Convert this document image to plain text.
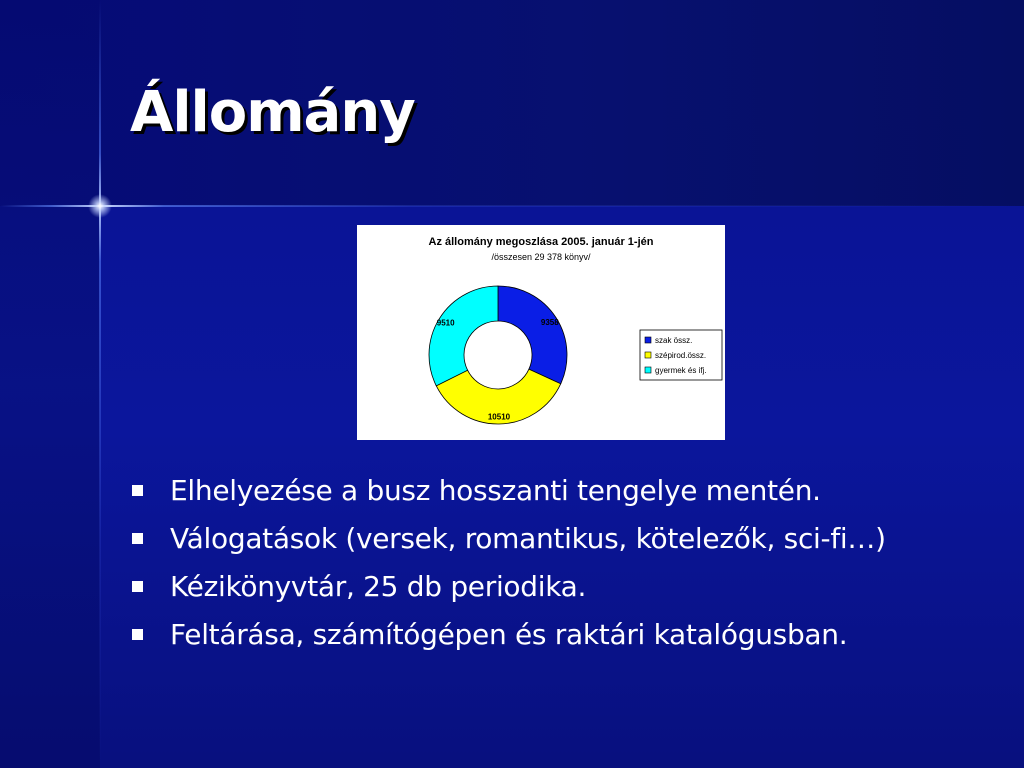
Állomány
Az állomány megoszlása 2005. január 1-jén
/összesen 29 378 könyv/
9358
10510
9510
szak össz.
szépirod.össz.
gyermek és ifj.
Elhelyezése a busz hosszanti tengelye mentén.
Válogatások (versek, romantikus, kötelezők, sci-fi…)
Kézikönyvtár, 25 db periodika.
Feltárása, számítógépen és raktári katalógusban.
